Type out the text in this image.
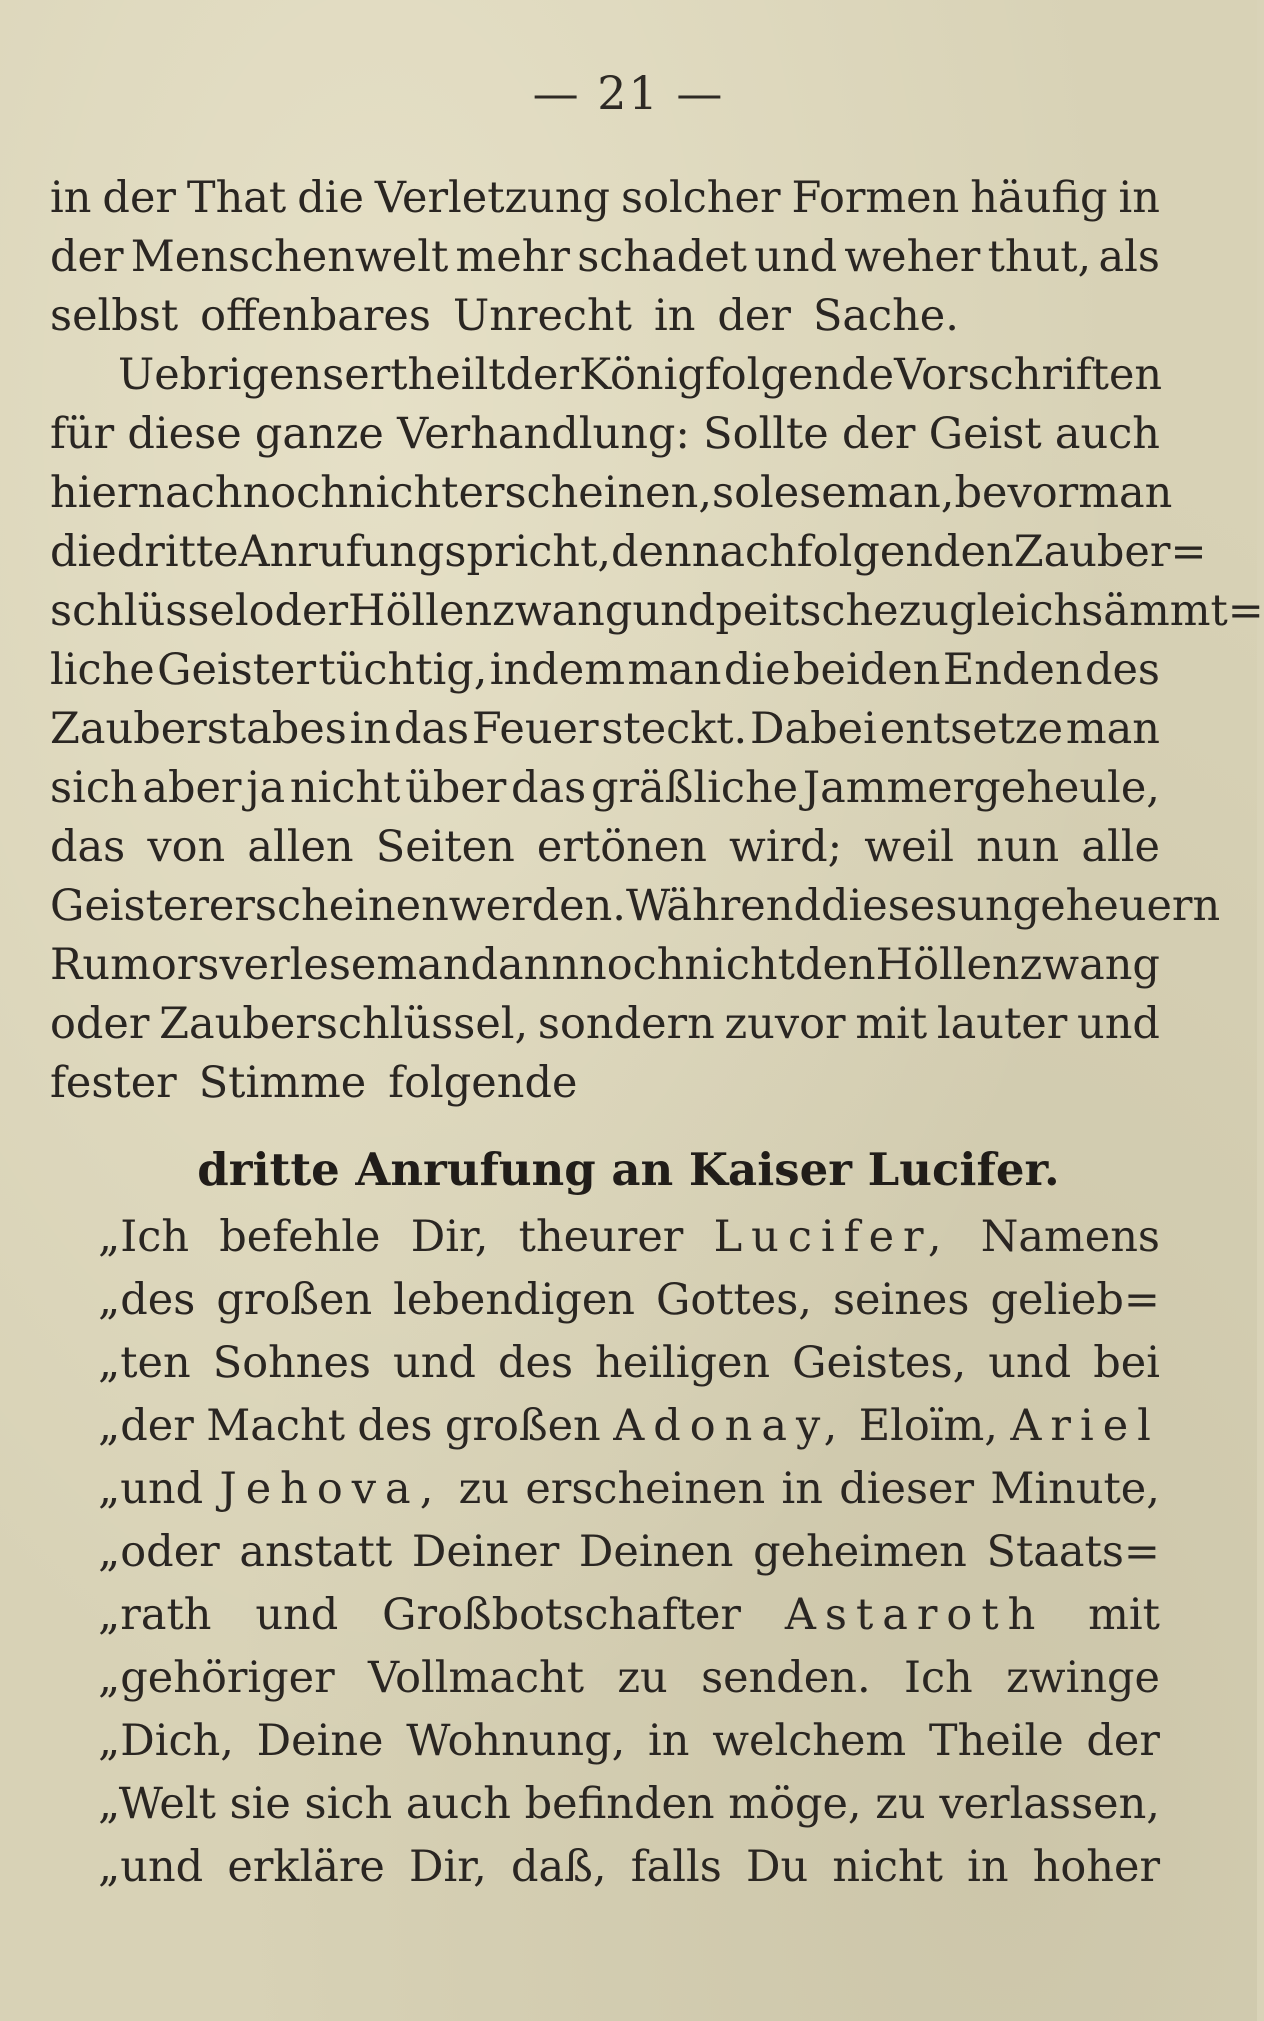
— 21 —
in der That die Verletzung solcher Formen häufig in
der Menschenwelt mehr schadet und weher thut, als
selbst offenbares Unrecht in der Sache.
Uebrigens ertheilt der König folgende Vorschriften
für diese ganze Verhandlung: Sollte der Geist auch
hiernach noch nicht erscheinen, so lese man, bevor man
die dritte Anrufung spricht, den nachfolgenden Zauber=
schlüssel oder Höllenzwang und peitsche zugleich sämmt=
liche Geister tüchtig, indem man die beiden Enden des
Zauberstabes in das Feuer steckt. Dabei entsetze man
sich aber ja nicht über das gräßliche Jammergeheule,
das von allen Seiten ertönen wird; weil nun alle
Geister erscheinen werden. Während dieses ungeheuern
Rumors verlese man dann noch nicht den Höllenzwang
oder Zauberschlüssel, sondern zuvor mit lauter und
fester Stimme folgende
dritte Anrufung an Kaiser Lucifer.
„Ich befehle Dir, theurer Lucifer, Namens
„des großen lebendigen Gottes, seines gelieb=
„ten Sohnes und des heiligen Geistes, und bei
„der Macht des großen Adonay, Eloïm, Ariel
„und Jehova, zu erscheinen in dieser Minute,
„oder anstatt Deiner Deinen geheimen Staats=
„rath und Großbotschafter Astaroth mit
„gehöriger Vollmacht zu senden. Ich zwinge
„Dich, Deine Wohnung, in welchem Theile der
„Welt sie sich auch befinden möge, zu verlassen,
„und erkläre Dir, daß, falls Du nicht in hoher
